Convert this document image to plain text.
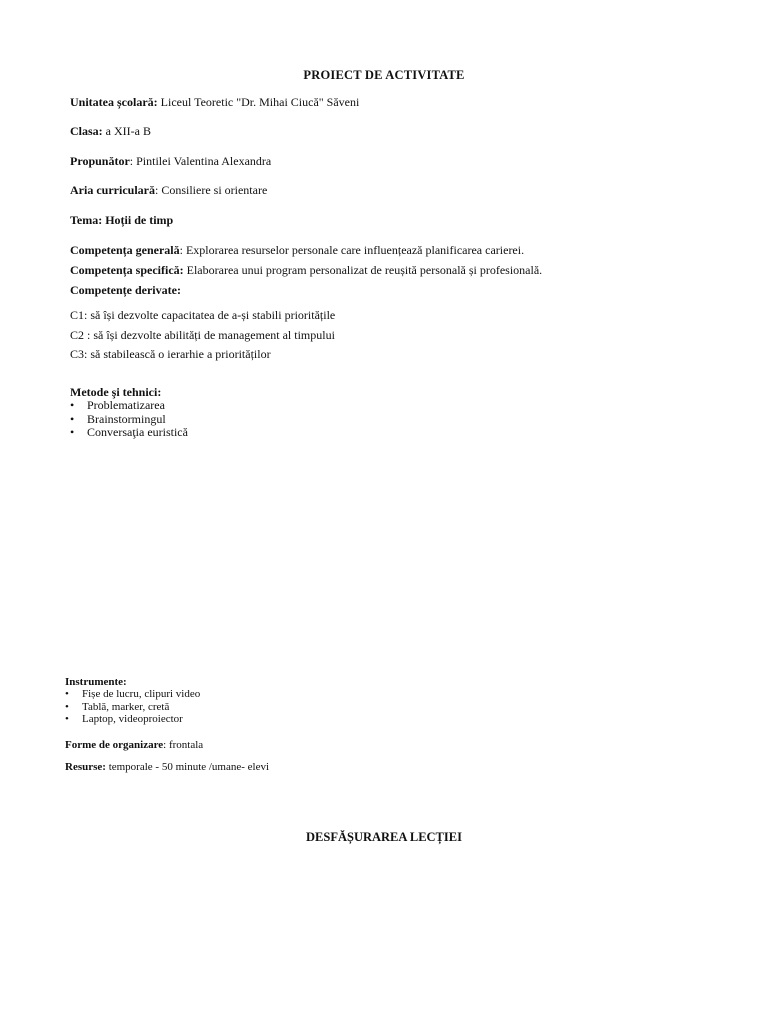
PROIECT DE ACTIVITATE
Unitatea școlară: Liceul Teoretic "Dr. Mihai Ciucă" Săveni
Clasa: a XII-a B
Propunător: Pintilei Valentina Alexandra
Aria curriculară: Consiliere si orientare
Tema: Hoții de timp
Competența generală: Explorarea resurselor personale care influențează planificarea carierei.
Competența specifică: Elaborarea unui program personalizat de reușită personală și profesională.
Competențe derivate:
C1: să își dezvolte capacitatea de a-și stabili prioritățile
C2 : să își dezvolte abilități de management al timpului
C3: să stabilească o ierarhie a priorităților
Metode şi tehnici:
• Problematizarea
• Brainstormingul
• Conversaţia euristică
Instrumente:
• Fișe de lucru, clipuri video
• Tablă, marker, cretă
• Laptop, videoproiector
Forme de organizare: frontala
Resurse: temporale - 50 minute /umane- elevi
DESFĂȘURAREA LECȚIEI
